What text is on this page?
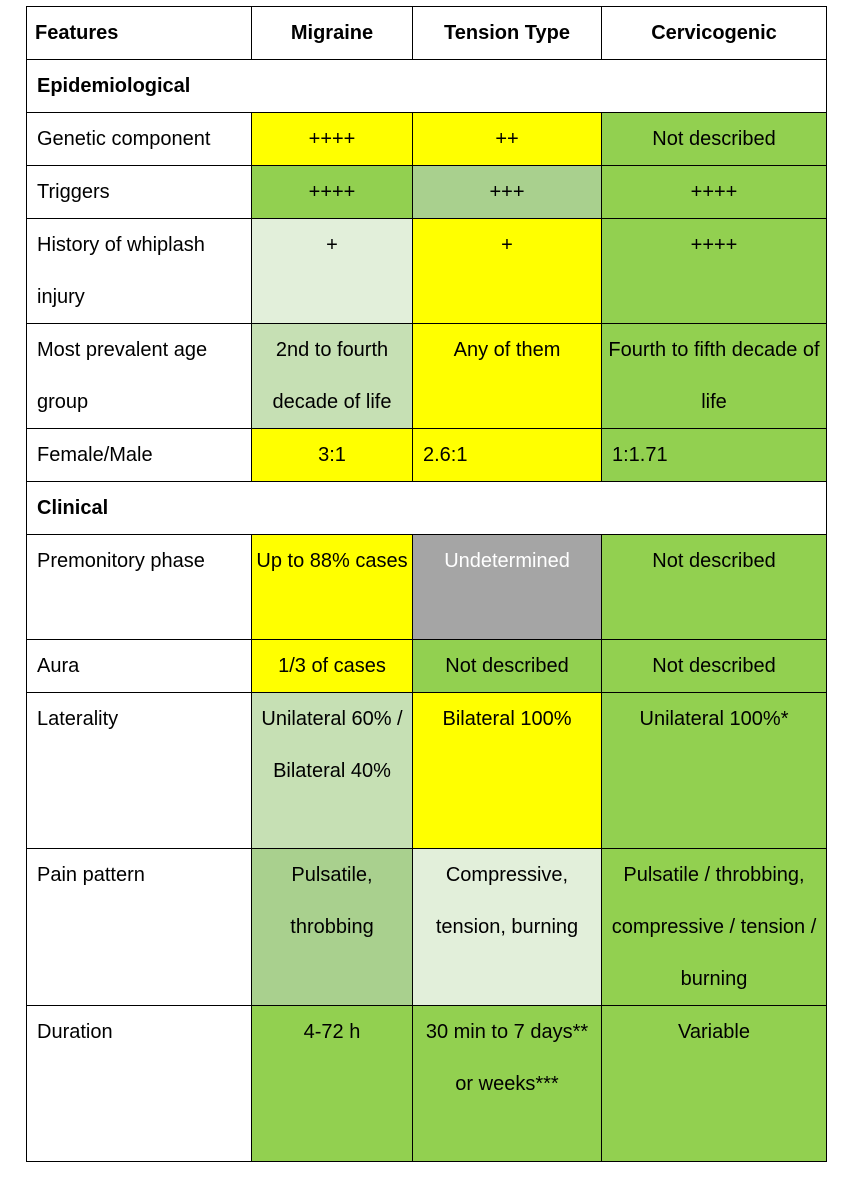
Features	Migraine	Tension Type	Cervicogenic
Epidemiological			
Genetic component	++++	++	Not described
Triggers	++++	+++	++++
History of whiplash injury	+	+	++++
Most prevalent age group	2nd to fourth decade of life	Any of them	Fourth to fifth decade of life
Female/Male	3:1	2.6:1	1:1.71
Clinical			
Premonitory phase	Up to 88% cases	Undetermined	Not described
Aura	1/3 of cases	Not described	Not described
Laterality	Unilateral 60% / Bilateral 40%	Bilateral 100%	Unilateral 100%*
Pain pattern	Pulsatile, throbbing	Compressive, tension, burning	Pulsatile / throbbing, compressive / tension / burning
Duration	4-72 h	30 min to 7 days** or weeks***	Variable
